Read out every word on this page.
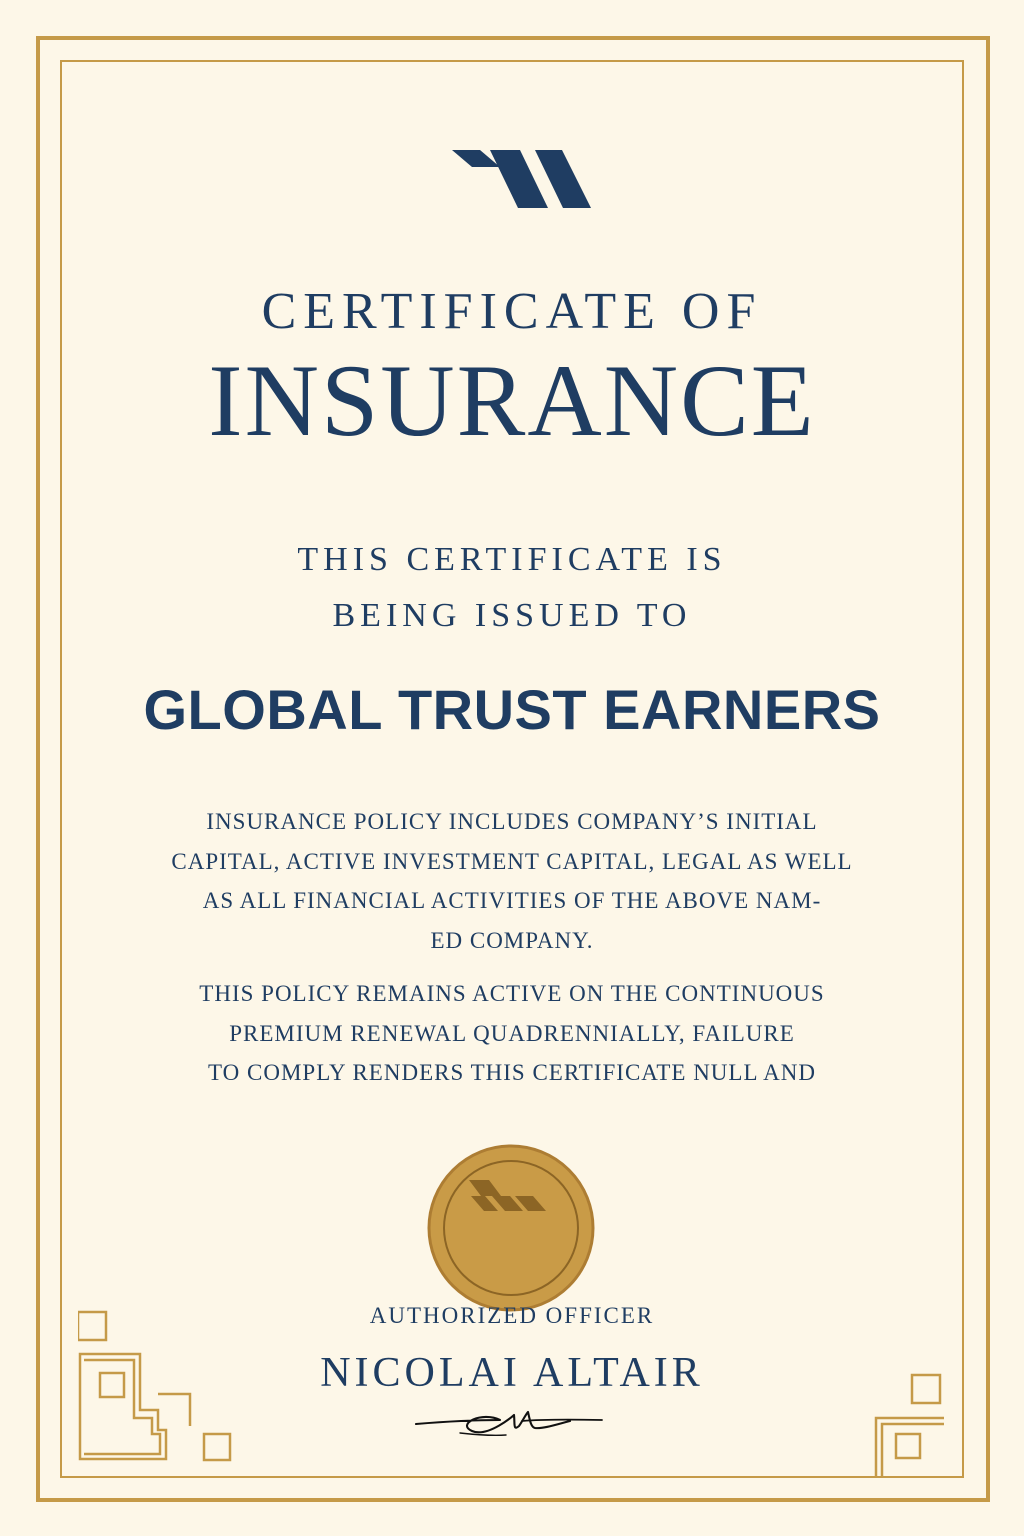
CERTIFICATE OF
INSURANCE
THIS CERTIFICATE IS
BEING ISSUED TO
GLOBAL TRUST EARNERS
INSURANCE POLICY INCLUDES COMPANY’S INITIAL
CAPITAL, ACTIVE INVESTMENT CAPITAL, LEGAL AS WELL
AS ALL FINANCIAL ACTIVITIES OF THE ABOVE NAM-
ED COMPANY.
THIS POLICY REMAINS ACTIVE ON THE CONTINUOUS
PREMIUM RENEWAL QUADRENNIALLY, FAILURE
TO COMPLY RENDERS THIS CERTIFICATE NULL AND
AUTHORIZED OFFICER
NICOLAI ALTAIR
